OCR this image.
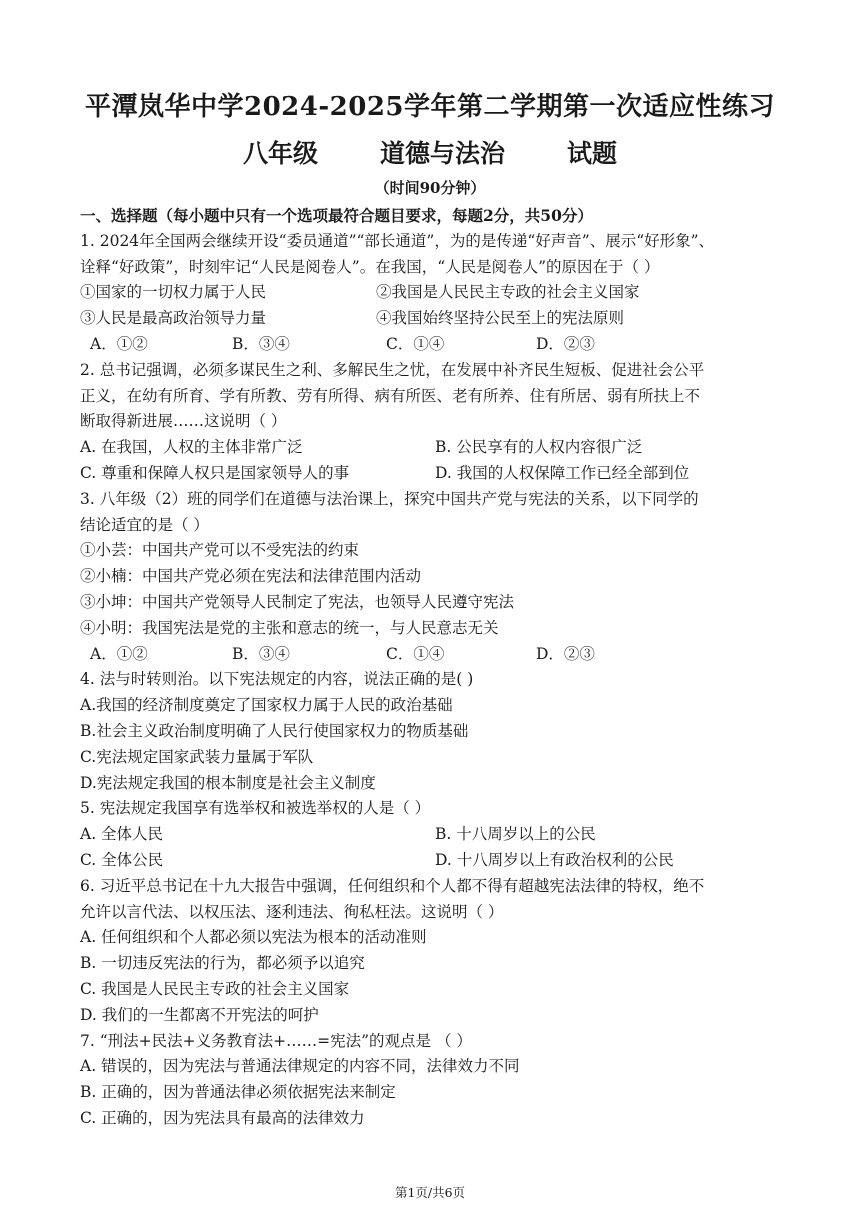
平潭岚华中学2024-2025学年第二学期第一次适应性练习
八年级 道德与法治 试题
（时间90分钟）
一、选择题（每小题中只有一个选项最符合题目要求，每题2分，共50分）
1. 2024年全国两会继续开设“委员通道”“部长通道”，为的是传递“好声音”、展示“好形象”、
诠释“好政策”，时刻牢记“人民是阅卷人”。在我国，“人民是阅卷人”的原因在于（ ）
①国家的一切权力属于人民	②我国是人民民主专政的社会主义国家
③人民是最高政治领导力量	④我国始终坚持公民至上的宪法原则
A．①②	B．③④	C．①④	D．②③
2. 总书记强调，必须多谋民生之利、多解民生之忧，在发展中补齐民生短板、促进社会公平
正义，在幼有所育、学有所教、劳有所得、病有所医、老有所养、住有所居、弱有所扶上不
断取得新进展……这说明（ ）
A. 在我国，人权的主体非常广泛	B. 公民享有的人权内容很广泛
C. 尊重和保障人权只是国家领导人的事	D. 我国的人权保障工作已经全部到位
3. 八年级（2）班的同学们在道德与法治课上，探究中国共产党与宪法的关系，以下同学的
结论适宜的是（ ）
①小芸：中国共产党可以不受宪法的约束
②小楠：中国共产党必须在宪法和法律范围内活动
③小坤：中国共产党领导人民制定了宪法，也领导人民遵守宪法
④小明：我国宪法是党的主张和意志的统一，与人民意志无关
A．①②	B．③④	C．①④	D．②③
4. 法与时转则治。以下宪法规定的内容，说法正确的是( )
A.我国的经济制度奠定了国家权力属于人民的政治基础
B.社会主义政治制度明确了人民行使国家权力的物质基础
C.宪法规定国家武装力量属于军队
D.宪法规定我国的根本制度是社会主义制度
5. 宪法规定我国享有选举权和被选举权的人是（ ）
A. 全体人民	B. 十八周岁以上的公民
C. 全体公民	D. 十八周岁以上有政治权利的公民
6. 习近平总书记在十九大报告中强调，任何组织和个人都不得有超越宪法法律的特权，绝不
允许以言代法、以权压法、逐利违法、徇私枉法。这说明（ ）
A. 任何组织和个人都必须以宪法为根本的活动准则
B. 一切违反宪法的行为，都必须予以追究
C. 我国是人民民主专政的社会主义国家
D. 我们的一生都离不开宪法的呵护
7. “刑法+民法+义务教育法+……=宪法”的观点是 （ ）
A. 错误的，因为宪法与普通法律规定的内容不同，法律效力不同
B. 正确的，因为普通法律必须依据宪法来制定
C. 正确的，因为宪法具有最高的法律效力
第1页/共6页
